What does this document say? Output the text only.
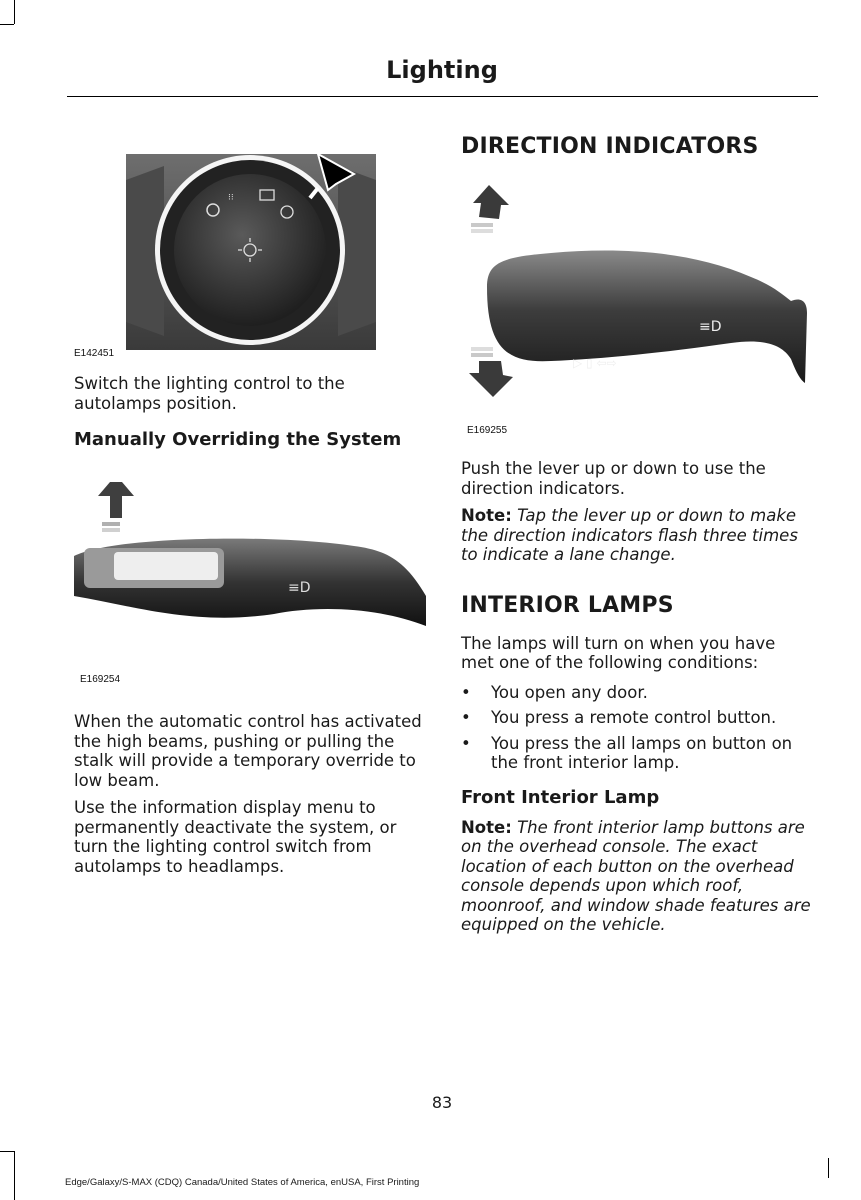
Lighting
⁝⁝
E142451

Switch the lighting control to the autolamps position.

Manually Overriding the System
≡D
E169254

When the automatic control has activated the high beams, pushing or pulling the stalk will provide a temporary override to low beam.

Use the information display menu to permanently deactivate the system, or turn the lighting control switch from autolamps to headlamps.

DIRECTION INDICATORS
▷ ▯ ⇦⇨
≡D
E169255

Push the lever up or down to use the direction indicators.

Note: Tap the lever up or down to make the direction indicators flash three times to indicate a lane change.

INTERIOR LAMPS

The lamps will turn on when you have met one of the following conditions:

• You open any door.
• You press a remote control button.
• You press the all lamps on button on the front interior lamp.
Front Interior Lamp

Note: The front interior lamp buttons are on the overhead console. The exact location of each button on the overhead console depends upon which roof, moonroof, and window shade features are equipped on the vehicle.

83
Edge/Galaxy/S-MAX (CDQ) Canada/United States of America, enUSA, First Printing
